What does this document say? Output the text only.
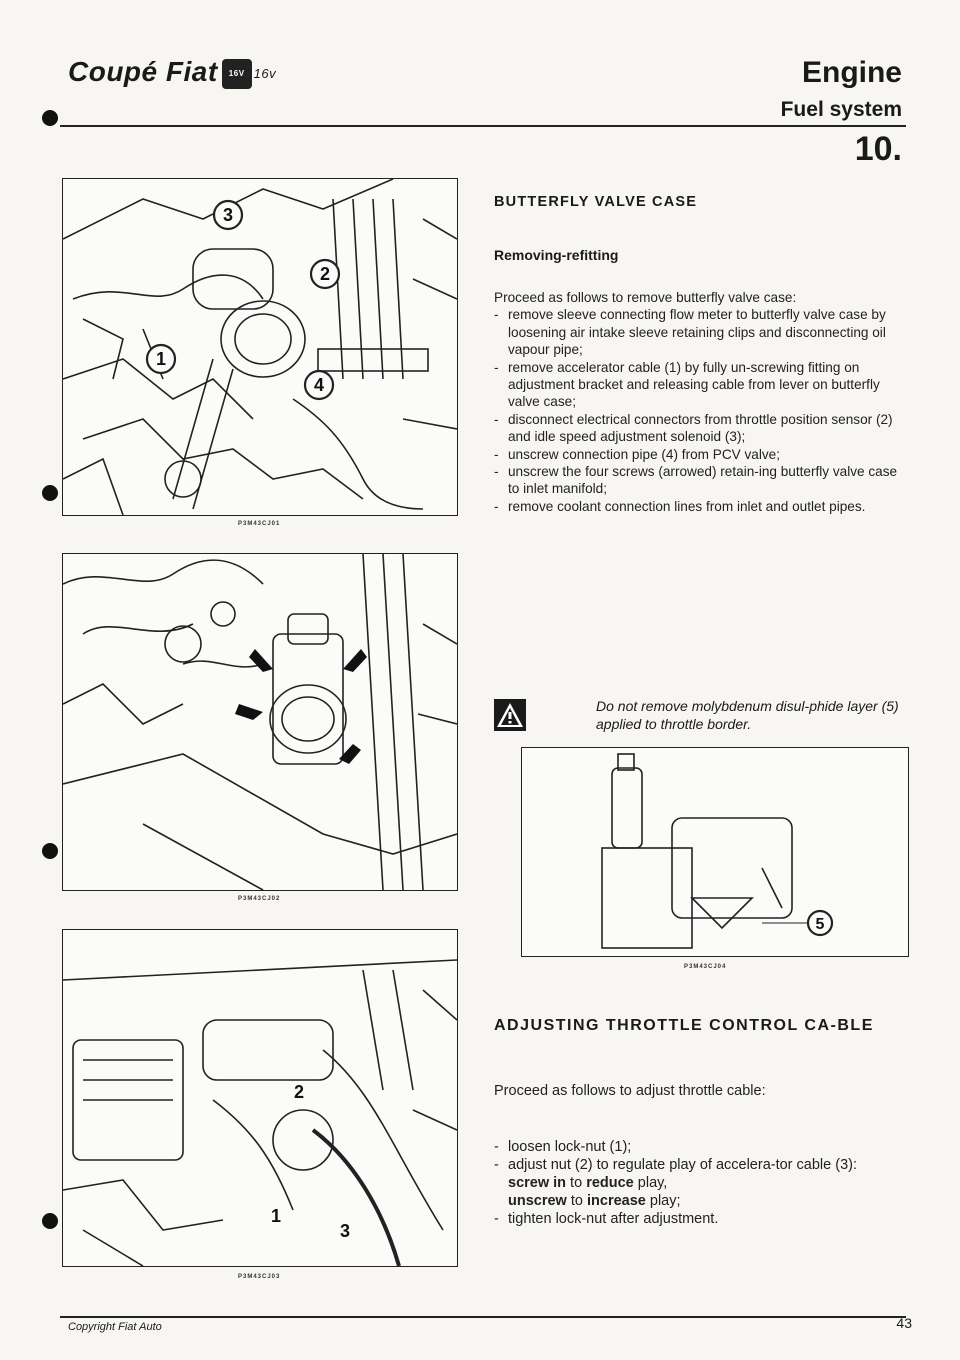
Coupé Fiat 16V 16v	Engine
Fuel system
10.
3
2
1
4
P3M43CJ01
P3M43CJ02
2
1
3
P3M43CJ03
5
P3M43CJ04
BUTTERFLY VALVE CASE
Removing-refitting
Proceed as follows to remove butterfly valve case:
- remove sleeve connecting flow meter to butterfly valve case by loosening air intake sleeve retaining clips and disconnecting oil vapour pipe;
- remove accelerator cable (1) by fully un-screwing fitting on adjustment bracket and releasing cable from lever on butterfly valve case;
- disconnect electrical connectors from throttle position sensor (2) and idle speed adjustment solenoid (3);
- unscrew connection pipe (4) from PCV valve;
- unscrew the four screws (arrowed) retain-ing butterfly valve case to inlet manifold;
- remove coolant connection lines from inlet and outlet pipes.
Do not remove molybdenum disul-phide layer (5) applied to throttle border.
ADJUSTING THROTTLE CONTROL CA-BLE
Proceed as follows to adjust throttle cable:
- loosen lock-nut (1);
- adjust nut (2) to regulate play of accelera-tor cable (3):
screw in to reduce play,
unscrew to increase play;
- tighten lock-nut after adjustment.
Copyright Fiat Auto	43
